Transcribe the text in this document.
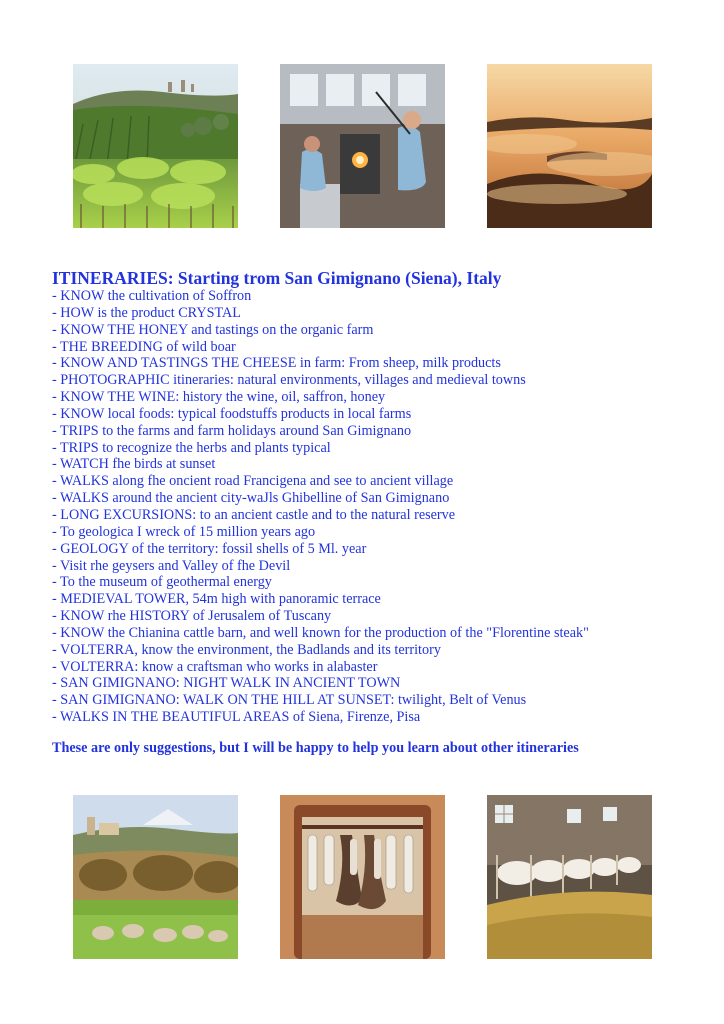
ITINERARIES: Starting trom San Gimignano (Siena), Italy
- KNOW the cultivation of Soffron
- HOW is the product CRYSTAL
- KNOW THE HONEY and tastings on the organic farm
- THE BREEDING of wild boar
- KNOW AND TASTINGS THE CHEESE in farm: From sheep, milk products
- PHOTOGRAPHIC itineraries: natural environments, villages and medieval towns
- KNOW THE WINE: history the wine, oil, saffron, honey
- KNOW local foods: typical foodstuffs products in local farms
- TRIPS to the farms and farm holidays around San Gimignano
- TRIPS to recognize the herbs and plants typical
- WATCH fhe birds at sunset
- WALKS along fhe oncient road Francigena and see to ancient village
- WALKS around the ancient city-waJls Ghibelline of San Gimignano
- LONG EXCURSIONS: to an ancient castle and to the natural reserve
- To geologica I wreck of 15 million years ago
- GEOLOGY of the territory: fossil shells of 5 Ml. year
- Visit rhe geysers and Valley of fhe Devil
- To the museum of geothermal energy
- MEDIEVAL TOWER, 54m high with panoramic terrace
- KNOW rhe HISTORY of Jerusalem of Tuscany
- KNOW the Chianina cattle barn, and well known for the production of the "Florentine steak"
- VOLTERRA, know the environment, the Badlands and its territory
- VOLTERRA: know a craftsman who works in alabaster
- SAN GIMIGNANO: NIGHT WALK IN ANCIENT TOWN
- SAN GIMIGNANO: WALK ON THE HILL AT SUNSET: twilight, Belt of Venus
- WALKS IN THE BEAUTIFUL AREAS of Siena, Firenze, Pisa

These are only suggestions, but I will be happy to help you learn about other itineraries
